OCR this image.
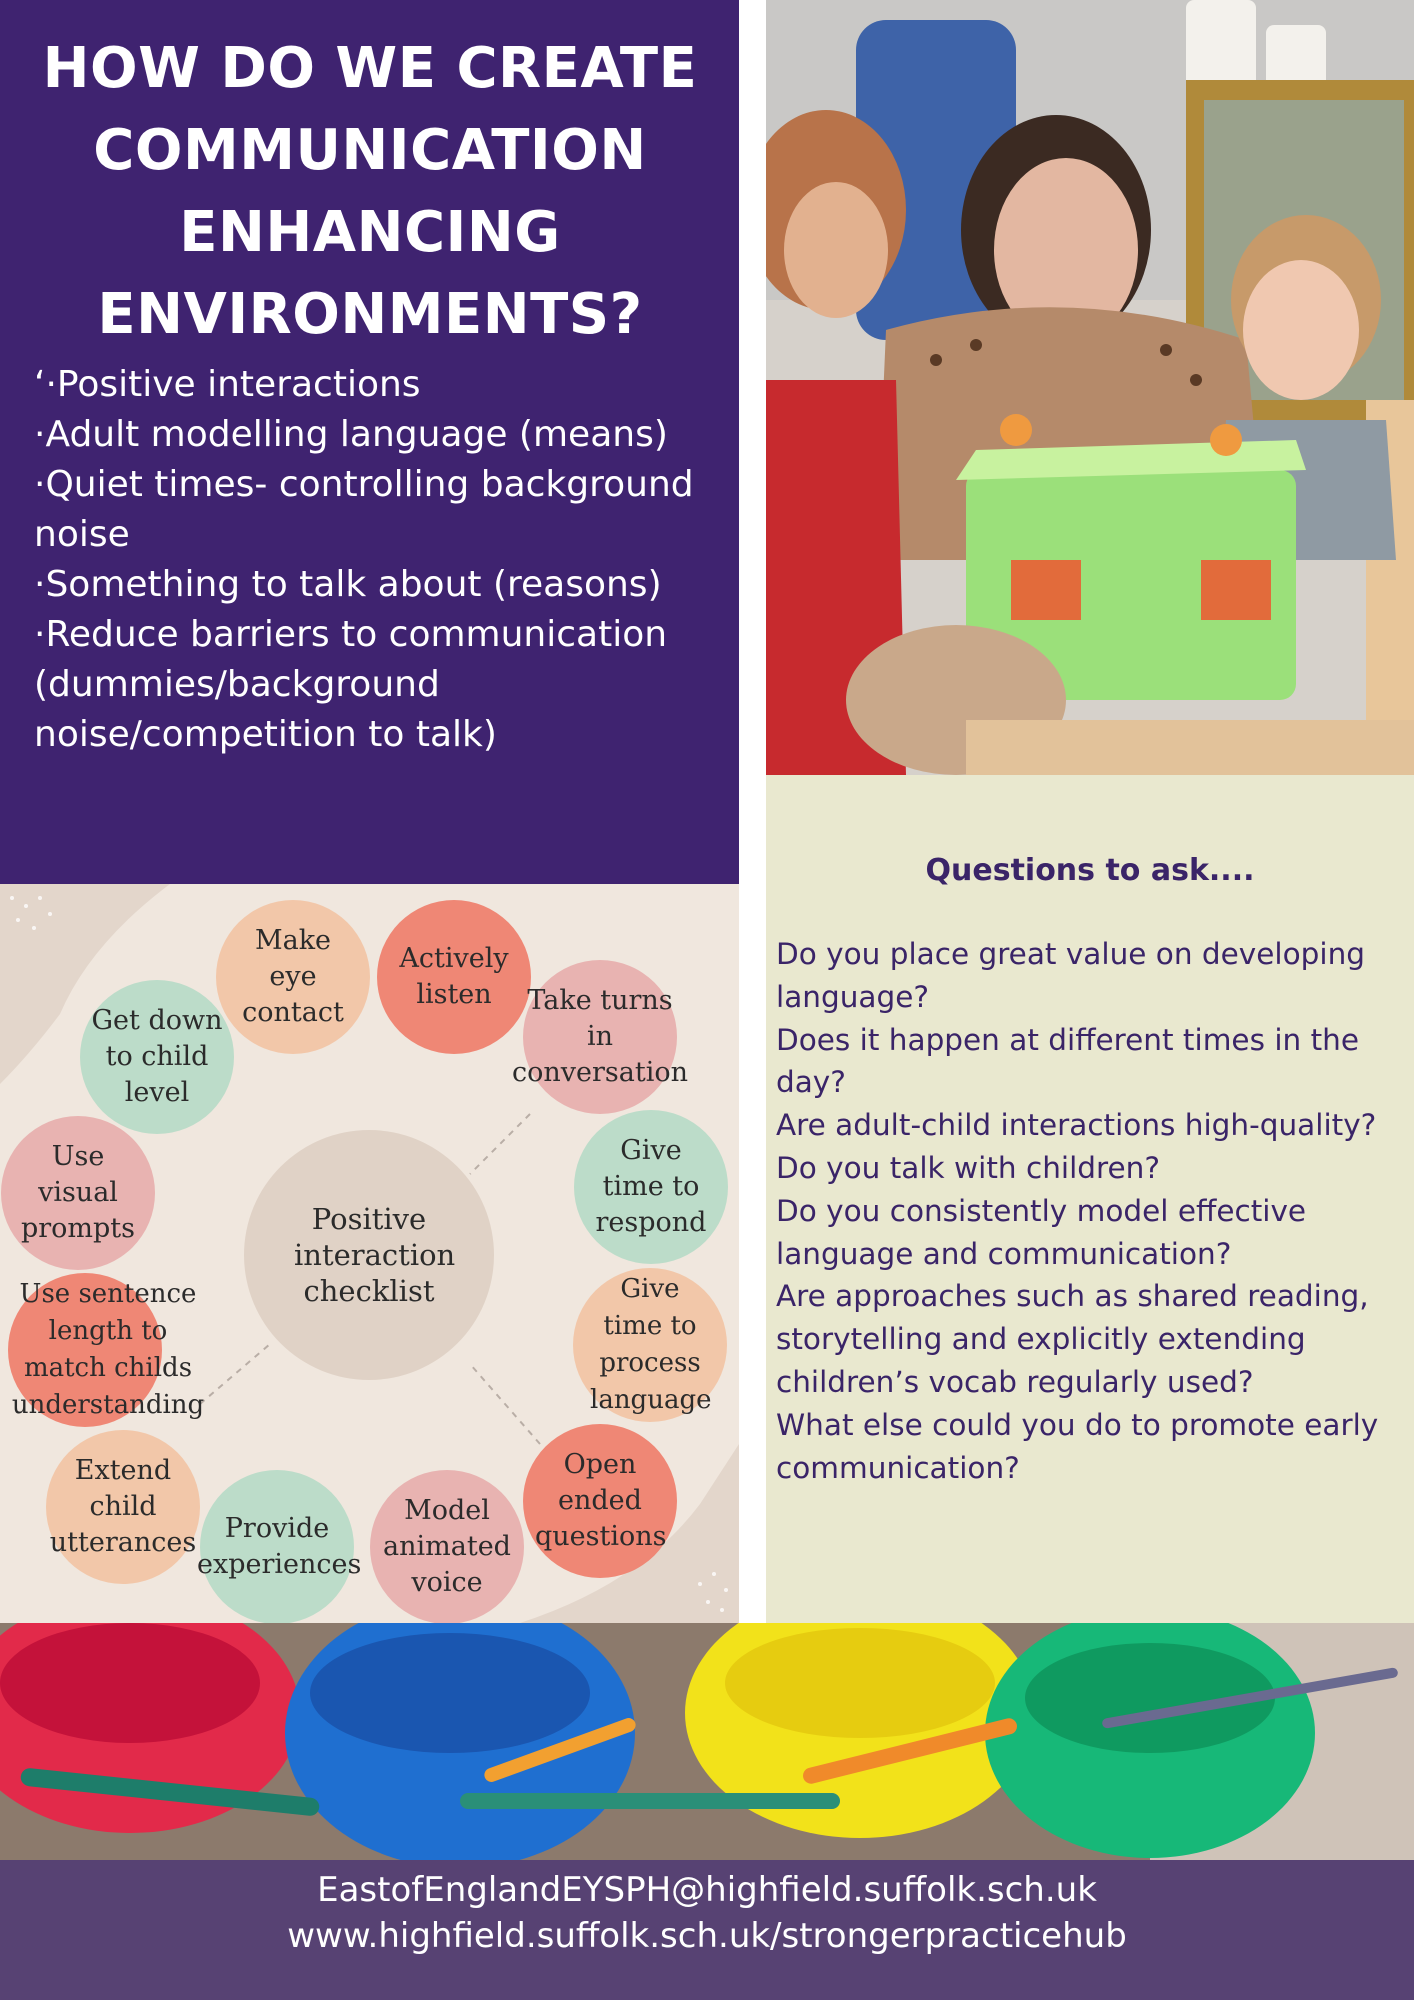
HOW DO WE CREATE
COMMUNICATION
ENHANCING
ENVIRONMENTS?
‘·Positive interactions
·Adult modelling language (means)
·Quiet times- controlling background noise
·Something to talk about (reasons)
·Reduce barriers to communication (dummies/background noise/competition to talk)
Questions to ask....
Do you place great value on developing language?
Does it happen at different times in the day?
Are adult-child interactions high-quality?
Do you talk with children?
Do you consistently model effective language and communication?
Are approaches such as shared reading, storytelling and explicitly extending children’s vocab regularly used?
What else could you do to promote early communication?
Positive interaction checklist
Make eye contact
Actively listen
Get down to child level
Take turns in conversation
Use visual prompts
Give time to respond
Use sentence length to match childs understanding
Give time to process language
Extend child utterances
Open ended questions
Provide experiences
Model animated voice
EastofEnglandEYSPH@highfield.suffolk.sch.uk
www.highfield.suffolk.sch.uk/strongerpracticehub
